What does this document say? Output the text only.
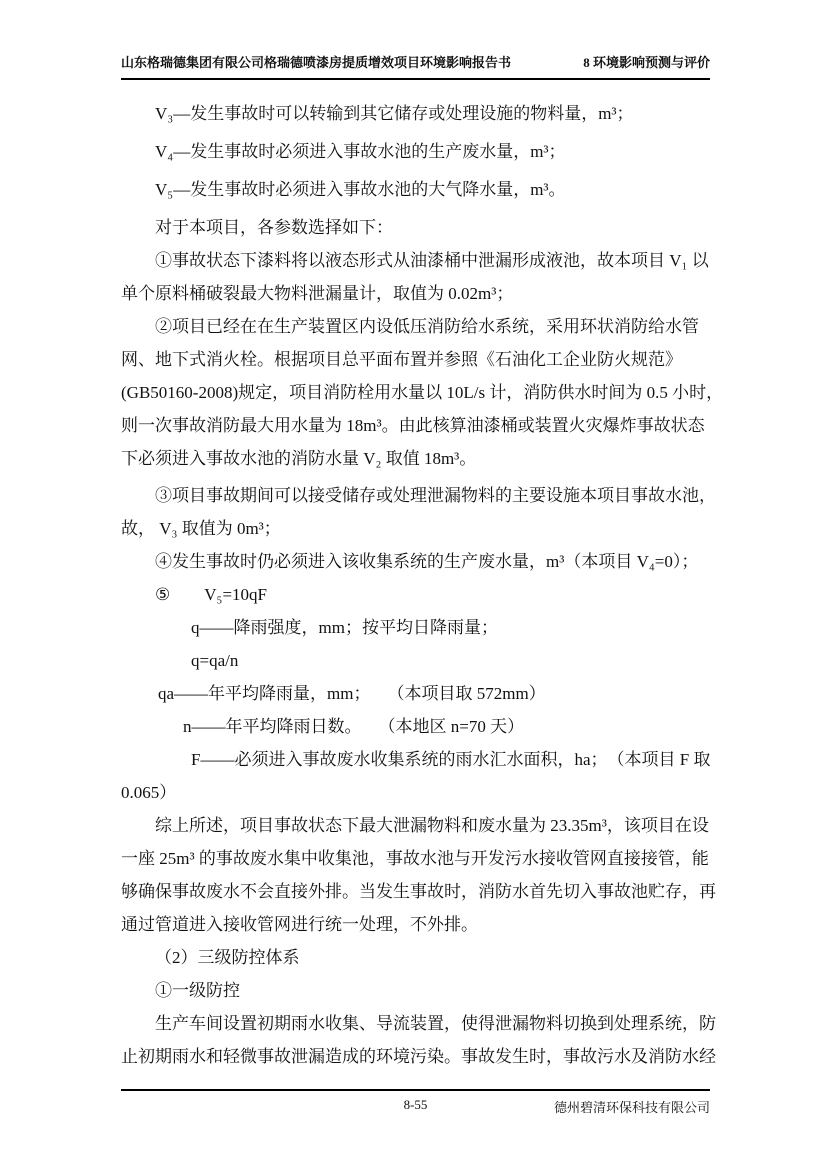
山东格瑞德集团有限公司格瑞德喷漆房提质增效项目环境影响报告书	8 环境影响预测与评价
V₃—发生事故时可以转输到其它储存或处理设施的物料量，m³；
V₄—发生事故时必须进入事故水池的生产废水量，m³；
V₅—发生事故时必须进入事故水池的大气降水量，m³。
对于本项目，各参数选择如下：
①事故状态下漆料将以液态形式从油漆桶中泄漏形成液池，故本项目 V₁ 以
单个原料桶破裂最大物料泄漏量计，取值为 0.02m³；
②项目已经在在生产装置区内设低压消防给水系统，采用环状消防给水管
网、地下式消火栓。根据项目总平面布置并参照《石油化工企业防火规范》
(GB50160-2008)规定，项目消防栓用水量以 10L/s 计，消防供水时间为 0.5 小时，
则一次事故消防最大用水量为 18m³。由此核算油漆桶或装置火灾爆炸事故状态
下必须进入事故水池的消防水量 V₂ 取值 18m³。
③项目事故期间可以接受储存或处理泄漏物料的主要设施本项目事故水池，
故， V₃ 取值为 0m³；
④发生事故时仍必须进入该收集系统的生产废水量，m³（本项目 V₄=0）；
⑤　　V₅=10qF
q——降雨强度，mm；按平均日降雨量；
q=qa/n
qa——年平均降雨量，mm；　　（本项目取 572mm）
n——年平均降雨日数。　　（本地区 n=70 天）
F——必须进入事故废水收集系统的雨水汇水面积，ha；　（本项目 F 取
0.065）
综上所述，项目事故状态下最大泄漏物料和废水量为 23.35m³，该项目在设
一座 25m³ 的事故废水集中收集池，事故水池与开发污水接收管网直接接管，能
够确保事故废水不会直接外排。当发生事故时，消防水首先切入事故池贮存，再
通过管道进入接收管网进行统一处理，不外排。
（2）三级防控体系
①一级防控
生产车间设置初期雨水收集、导流装置，使得泄漏物料切换到处理系统，防
止初期雨水和轻微事故泄漏造成的环境污染。事故发生时，事故污水及消防水经
8-55	德州碧清环保科技有限公司
